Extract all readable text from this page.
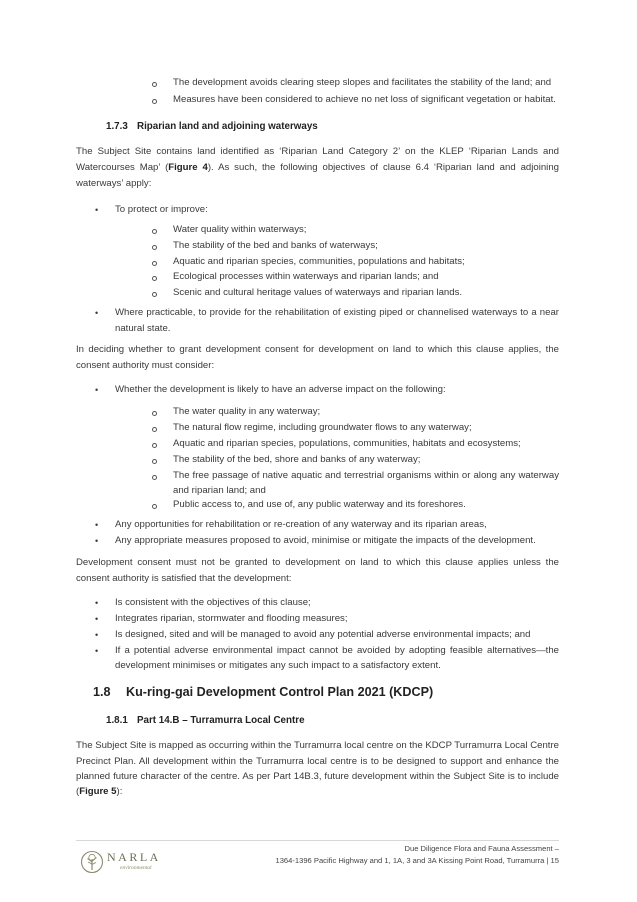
The development avoids clearing steep slopes and facilitates the stability of the land; and
Measures have been considered to achieve no net loss of significant vegetation or habitat.
1.7.3 Riparian land and adjoining waterways
The Subject Site contains land identified as ‘Riparian Land Category 2’ on the KLEP ‘Riparian Lands and
Watercourses Map’ (Figure 4). As such, the following objectives of clause 6.4 ‘Riparian land and adjoining
waterways’ apply:
• To protect or improve:
Water quality within waterways;
The stability of the bed and banks of waterways;
Aquatic and riparian species, communities, populations and habitats;
Ecological processes within waterways and riparian lands; and
Scenic and cultural heritage values of waterways and riparian lands.
• Where practicable, to provide for the rehabilitation of existing piped or channelised waterways to a near
natural state.
In deciding whether to grant development consent for development on land to which this clause applies, the
consent authority must consider:
• Whether the development is likely to have an adverse impact on the following:
The water quality in any waterway;
The natural flow regime, including groundwater flows to any waterway;
Aquatic and riparian species, populations, communities, habitats and ecosystems;
The stability of the bed, shore and banks of any waterway;
The free passage of native aquatic and terrestrial organisms within or along any waterway
and riparian land; and
Public access to, and use of, any public waterway and its foreshores.
• Any opportunities for rehabilitation or re-creation of any waterway and its riparian areas,
• Any appropriate measures proposed to avoid, minimise or mitigate the impacts of the development.
Development consent must not be granted to development on land to which this clause applies unless the
consent authority is satisfied that the development:
• Is consistent with the objectives of this clause;
• Integrates riparian, stormwater and flooding measures;
• Is designed, sited and will be managed to avoid any potential adverse environmental impacts; and
• If a potential adverse environmental impact cannot be avoided by adopting feasible alternatives—the
development minimises or mitigates any such impact to a satisfactory extent.
1.8 Ku-ring-gai Development Control Plan 2021 (KDCP)
1.8.1 Part 14.B – Turramurra Local Centre
The Subject Site is mapped as occurring within the Turramurra local centre on the KDCP Turramurra Local Centre
Precinct Plan. All development within the Turramurra local centre is to be designed to support and enhance the
planned future character of the centre. As per Part 14B.3, future development within the Subject Site is to include
(Figure 5):
NARLA
environmental
Due Diligence Flora and Fauna Assessment –
1364-1396 Pacific Highway and 1, 1A, 3 and 3A Kissing Point Road, Turramurra | 15
